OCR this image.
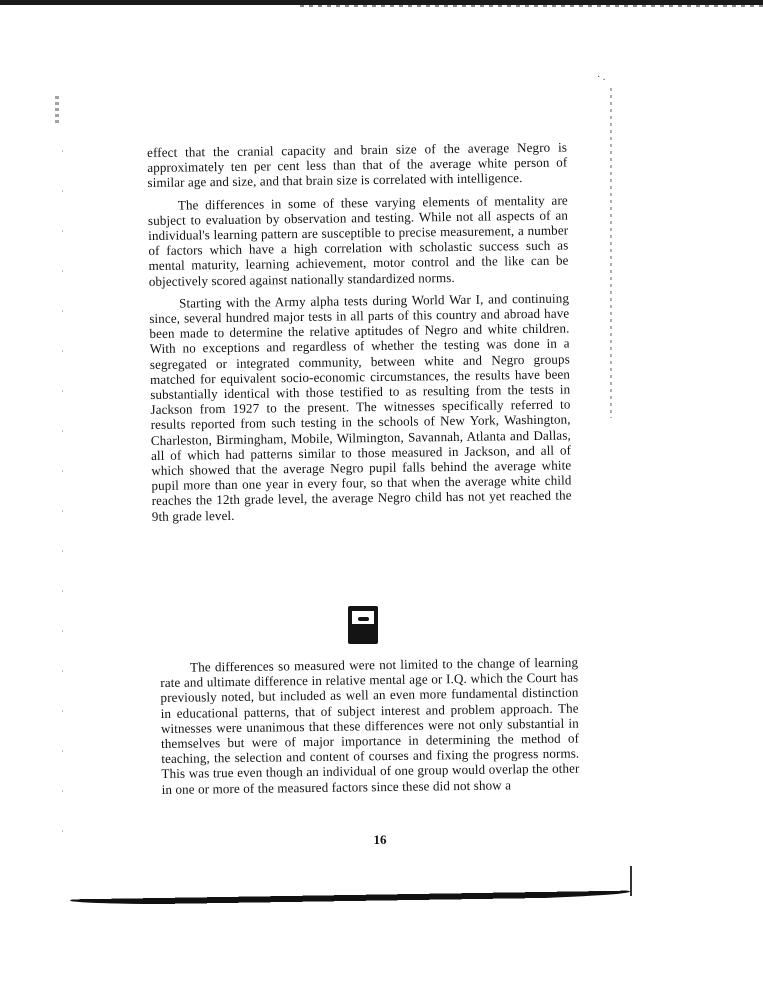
· .

effect that the cranial capacity and brain size of the average Negro is approximately ten per cent less than that of the average white person of similar age and size, and that brain size is correlated with intelligence.

The differences in some of these varying elements of mentality are subject to evaluation by observation and testing. While not all aspects of an individual's learning pattern are susceptible to precise measurement, a number of factors which have a high correlation with scholastic success such as mental maturity, learning achievement, motor control and the like can be objectively scored against nationally standardized norms.

Starting with the Army alpha tests during World War I, and continuing since, several hundred major tests in all parts of this country and abroad have been made to determine the relative aptitudes of Negro and white children. With no exceptions and regardless of whether the testing was done in a segregated or integrated community, between white and Negro groups matched for equivalent socio-economic circumstances, the results have been substantially identical with those testified to as resulting from the tests in Jackson from 1927 to the present. The witnesses specifically referred to results reported from such testing in the schools of New York, Washington, Charleston, Birmingham, Mobile, Wilmington, Savannah, Atlanta and Dallas, all of which had patterns similar to those measured in Jackson, and all of which showed that the average Negro pupil falls behind the average white pupil more than one year in every four, so that when the average white child reaches the 12th grade level, the average Negro child has not yet reached the 9th grade level.

The differences so measured were not limited to the change of learning rate and ultimate difference in relative mental age or I.Q. which the Court has previously noted, but included as well an even more fundamental distinction in educational patterns, that of subject interest and problem approach. The witnesses were unanimous that these differences were not only substantial in themselves but were of major importance in determining the method of teaching, the selection and content of courses and fixing the progress norms. This was true even though an individual of one group would overlap the other in one or more of the measured factors since these did not show a

16
